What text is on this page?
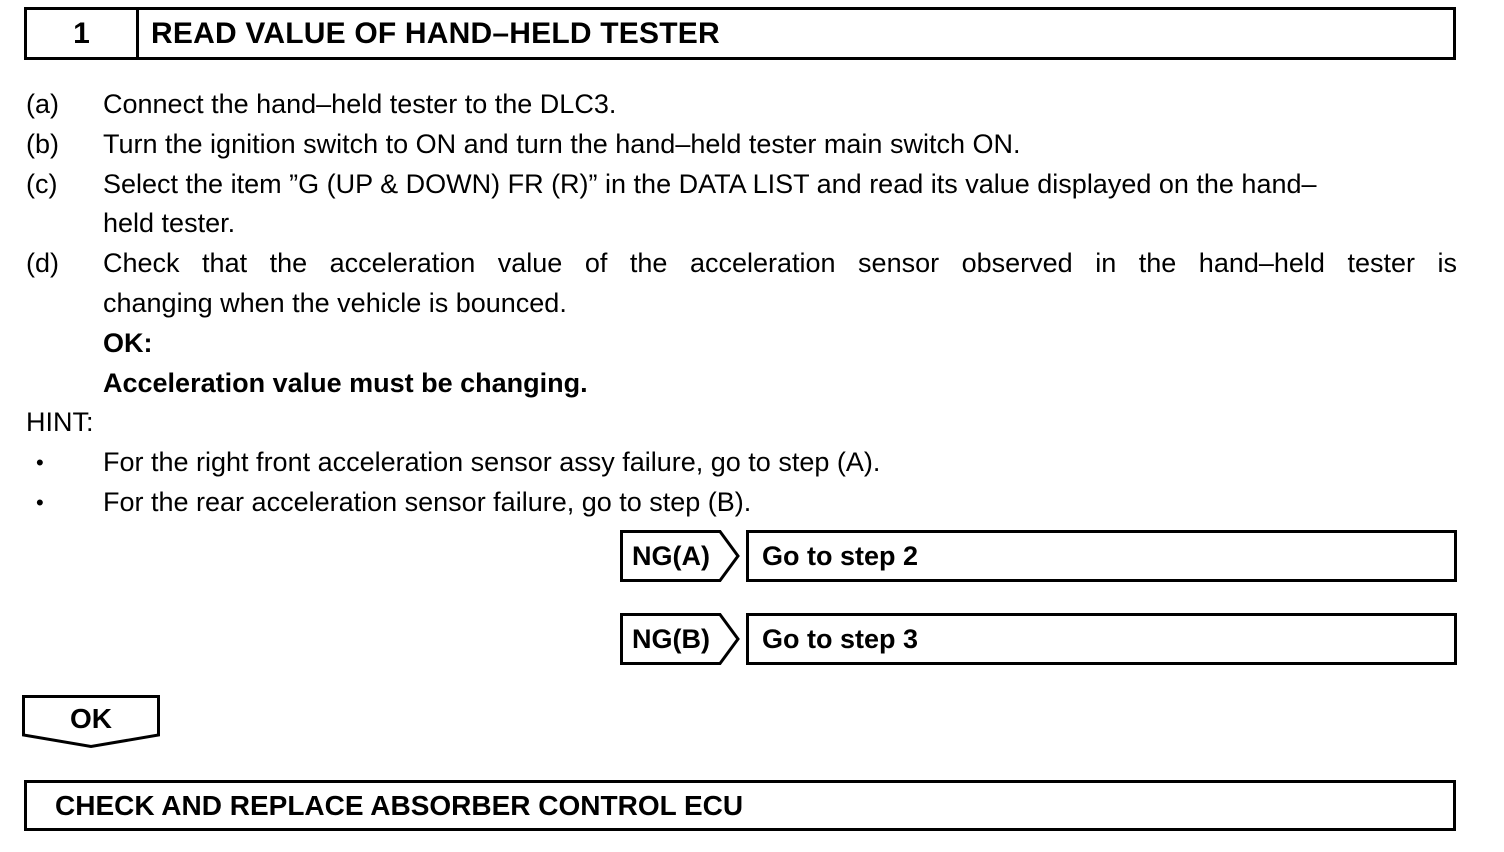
1	READ VALUE OF HAND–HELD TESTER
(a) Connect the hand–held tester to the DLC3.
(b) Turn the ignition switch to ON and turn the hand–held tester main switch ON.
(c) Select the item ”G (UP & DOWN) FR (R)” in the DATA LIST and read its value displayed on the hand–
held tester.
(d) Check that the acceleration value of the acceleration sensor observed in the hand–held tester is
changing when the vehicle is bounced.
OK:
Acceleration value must be changing.
HINT:
• For the right front acceleration sensor assy failure, go to step (A).
• For the rear acceleration sensor failure, go to step (B).
NG(A)	Go to step 2
NG(B)	Go to step 3
OK
CHECK AND REPLACE ABSORBER CONTROL ECU
